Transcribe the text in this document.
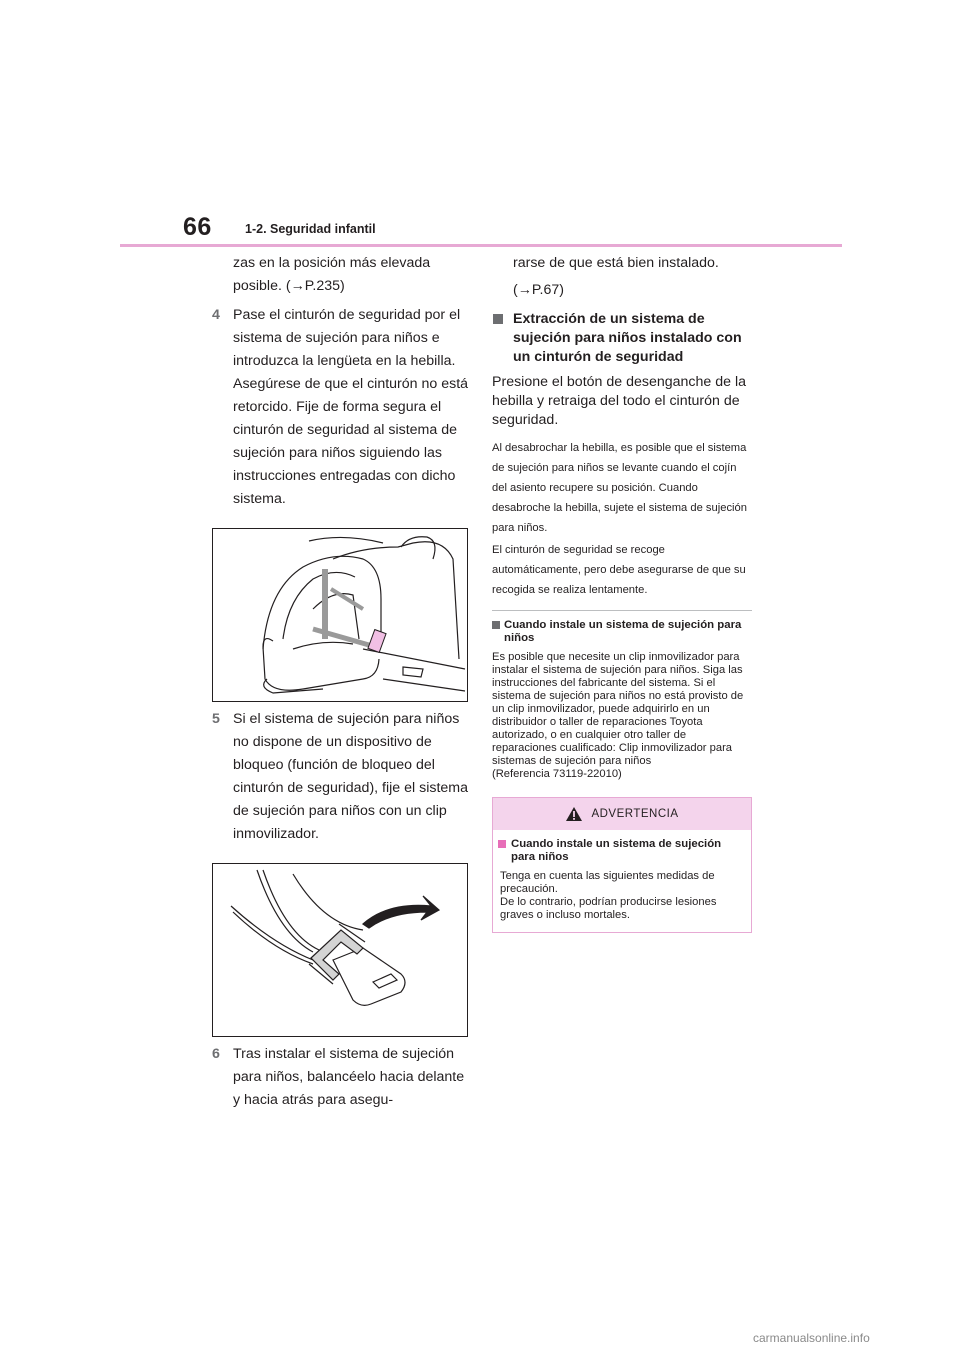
66	1-2. Seguridad infantil
zas en la posición más elevada
posible. (→P.235)
4 Pase el cinturón de seguridad por el sistema de sujeción para niños e introduzca la lengüeta en la hebilla. Asegúrese de que el cinturón no está retorcido. Fije de forma segura el cinturón de seguridad al sistema de sujeción para niños siguiendo las instrucciones entregadas con dicho sistema.
5 Si el sistema de sujeción para niños no dispone de un dispositivo de bloqueo (función de bloqueo del cinturón de seguridad), fije el sistema de sujeción para niños con un clip inmovilizador.
6 Tras instalar el sistema de sujeción para niños, balancéelo hacia delante y hacia atrás para asegu-
rarse de que está bien instalado.
(→P.67)
Extracción de un sistema de sujeción para niños instalado con un cinturón de seguridad
Presione el botón de desenganche de la hebilla y retraiga del todo el cinturón de seguridad.
Al desabrochar la hebilla, es posible que el sistema de sujeción para niños se levante cuando el cojín del asiento recupere su posición. Cuando desabroche la hebilla, sujete el sistema de sujeción para niños.
El cinturón de seguridad se recoge automáticamente, pero debe asegurarse de que su recogida se realiza lentamente.
Cuando instale un sistema de sujeción para niños
Es posible que necesite un clip inmovilizador para instalar el sistema de sujeción para niños. Siga las instrucciones del fabricante del sistema. Si el sistema de sujeción para niños no está provisto de un clip inmovilizador, puede adquirirlo en un distribuidor o taller de reparaciones Toyota autorizado, o en cualquier otro taller de reparaciones cualificado: Clip inmovilizador para sistemas de sujeción para niños
(Referencia 73119-22010)
ADVERTENCIA
Cuando instale un sistema de sujeción para niños
Tenga en cuenta las siguientes medidas de precaución.
De lo contrario, podrían producirse lesiones graves o incluso mortales.
carmanualsonline.info
